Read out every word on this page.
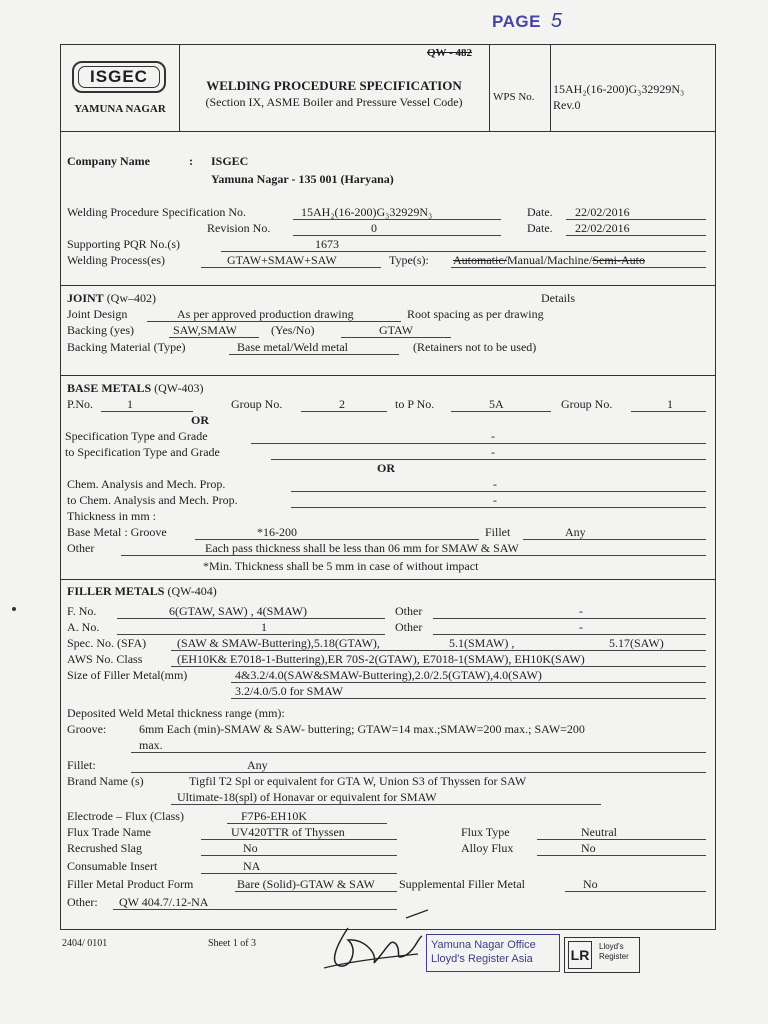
PAGE 5
ISGEC
YAMUNA NAGAR
QW - 482
WELDING PROCEDURE SPECIFICATION
(Section IX, ASME Boiler and Pressure Vessel Code)	WPS No.
15AH₂(16-200)G₃32929N₃
Rev.0
Company Name	: ISGEC
Yamuna Nagar - 135 001 (Haryana)
Welding Procedure Specification No.	15AH₂(16-200)G₃32929N₃	Date. 22/02/2016
Revision No.	0	Date. 22/02/2016
Supporting PQR No.(s)	1673
Welding Process(es)	GTAW+SMAW+SAW	Type(s): Automatic/Manual/Machine/Semi-Auto
JOINT (Qw–402)	Details
Joint Design	As per approved production drawing	Root spacing as per drawing
Backing (yes)	SAW,SMAW	(Yes/No)	GTAW
Backing Material (Type)	Base metal/Weld metal	(Retainers not to be used)
BASE METALS (QW-403)
P.No.	1	Group No.	2	to P No.	5A	Group No.	1
OR
Specification Type and Grade	-
to Specification Type and Grade	-
OR
Chem. Analysis and Mech. Prop.	-
to Chem. Analysis and Mech. Prop.	-
Thickness in mm :
Base Metal : Groove	*16-200	Fillet	Any
Other	Each pass thickness shall be less than 06 mm for SMAW & SAW
*Min. Thickness shall be 5 mm in case of without impact
FILLER METALS (QW-404)
F. No.	6(GTAW, SAW) , 4(SMAW)	Other	-
A. No.	1	Other	-
Spec. No. (SFA)	(SAW & SMAW-Buttering),5.18(GTAW),	5.1(SMAW) ,	5.17(SAW)
AWS No. Class	(EH10K& E7018-1-Buttering),ER 70S-2(GTAW), E7018-1(SMAW), EH10K(SAW)
Size of Filler Metal(mm)	4&3.2/4.0(SAW&SMAW-Buttering),2.0/2.5(GTAW),4.0(SAW)
3.2/4.0/5.0 for SMAW
Deposited Weld Metal thickness range (mm):
Groove:	6mm Each (min)-SMAW & SAW- buttering; GTAW=14 max.;SMAW=200 max.; SAW=200
max.
Fillet:	Any
Brand Name (s)	Tigfil T2 Spl or equivalent for GTA W, Union S3 of Thyssen for SAW
Ultimate-18(spl) of Honavar or equivalent for SMAW
Electrode – Flux (Class)	F7P6-EH10K
Flux Trade Name	UV420TTR of Thyssen	Flux Type	Neutral
Recrushed Slag	No	Alloy Flux	No
Consumable Insert	NA
Filler Metal Product Form	Bare (Solid)-GTAW & SAW Supplemental Filler Metal	No
Other: QW 404.7/.12-NA
2404/ 0101	Sheet 1 of 3	Yamuna Nagar Office
Lloyd's Register Asia	LR
Lloyd's
Register
